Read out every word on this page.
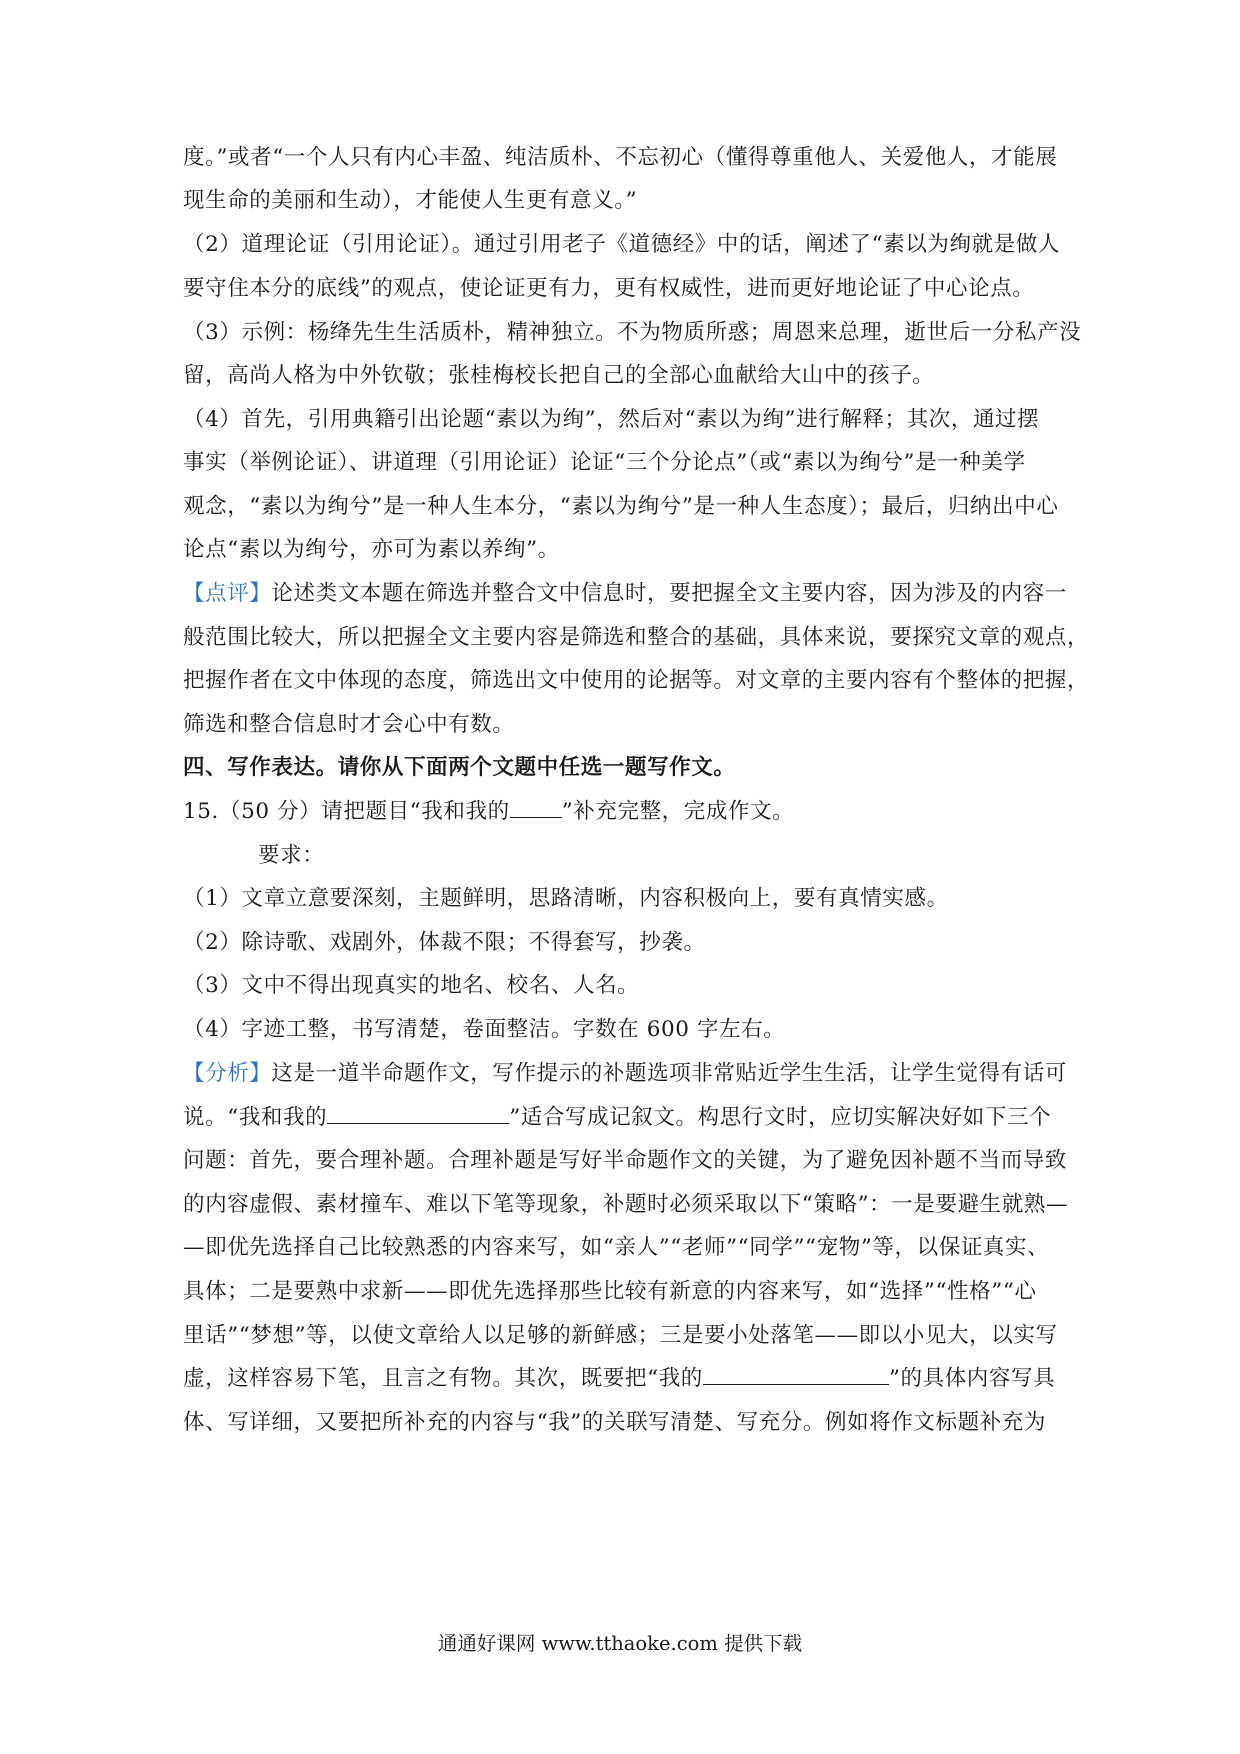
度。”或者“一个人只有内心丰盈、纯洁质朴、不忘初心（懂得尊重他人、关爱他人，才能展
现生命的美丽和生动），才能使人生更有意义。”
（2）道理论证（引用论证）。通过引用老子《道德经》中的话，阐述了“素以为绚就是做人
要守住本分的底线”的观点，使论证更有力，更有权威性，进而更好地论证了中心论点。
（3）示例：杨绛先生生活质朴，精神独立。不为物质所惑；周恩来总理，逝世后一分私产没
留，高尚人格为中外钦敬；张桂梅校长把自己的全部心血献给大山中的孩子。
（4）首先，引用典籍引出论题“素以为绚”，然后对“素以为绚”进行解释；其次，通过摆
事实（举例论证）、讲道理（引用论证）论证“三个分论点”（或“素以为绚兮”是一种美学
观念，“素以为绚兮”是一种人生本分，“素以为绚兮”是一种人生态度）；最后，归纳出中心
论点“素以为绚兮，亦可为素以养绚”。
【点评】论述类文本题在筛选并整合文中信息时，要把握全文主要内容，因为涉及的内容一
般范围比较大，所以把握全文主要内容是筛选和整合的基础，具体来说，要探究文章的观点，
把握作者在文中体现的态度，筛选出文中使用的论据等。对文章的主要内容有个整体的把握，
筛选和整合信息时才会心中有数。
四、写作表达。请你从下面两个文题中任选一题写作文。
15.（50 分）请把题目“我和我的 ”补充完整，完成作文。
要求：
（1）文章立意要深刻，主题鲜明，思路清晰，内容积极向上，要有真情实感。
（2）除诗歌、戏剧外，体裁不限；不得套写，抄袭。
（3）文中不得出现真实的地名、校名、人名。
（4）字迹工整，书写清楚，卷面整洁。字数在 600 字左右。
【分析】这是一道半命题作文，写作提示的补题选项非常贴近学生生活，让学生觉得有话可
说。“我和我的	”适合写成记叙文。构思行文时，应切实解决好如下三个
问题：首先，要合理补题。合理补题是写好半命题作文的关键，为了避免因补题不当而导致
的内容虚假、素材撞车、难以下笔等现象，补题时必须采取以下“策略”：一是要避生就熟—
—即优先选择自己比较熟悉的内容来写，如“亲人”“老师”“同学”“宠物”等，以保证真实、
具体；二是要熟中求新——即优先选择那些比较有新意的内容来写，如“选择”“性格”“心
里话”“梦想”等，以使文章给人以足够的新鲜感；三是要小处落笔——即以小见大，以实写
虚，这样容易下笔，且言之有物。其次，既要把“我的	”的具体内容写具
体、写详细，又要把所补充的内容与“我”的关联写清楚、写充分。例如将作文标题补充为
通通好课网 www.tthaoke.com 提供下载
